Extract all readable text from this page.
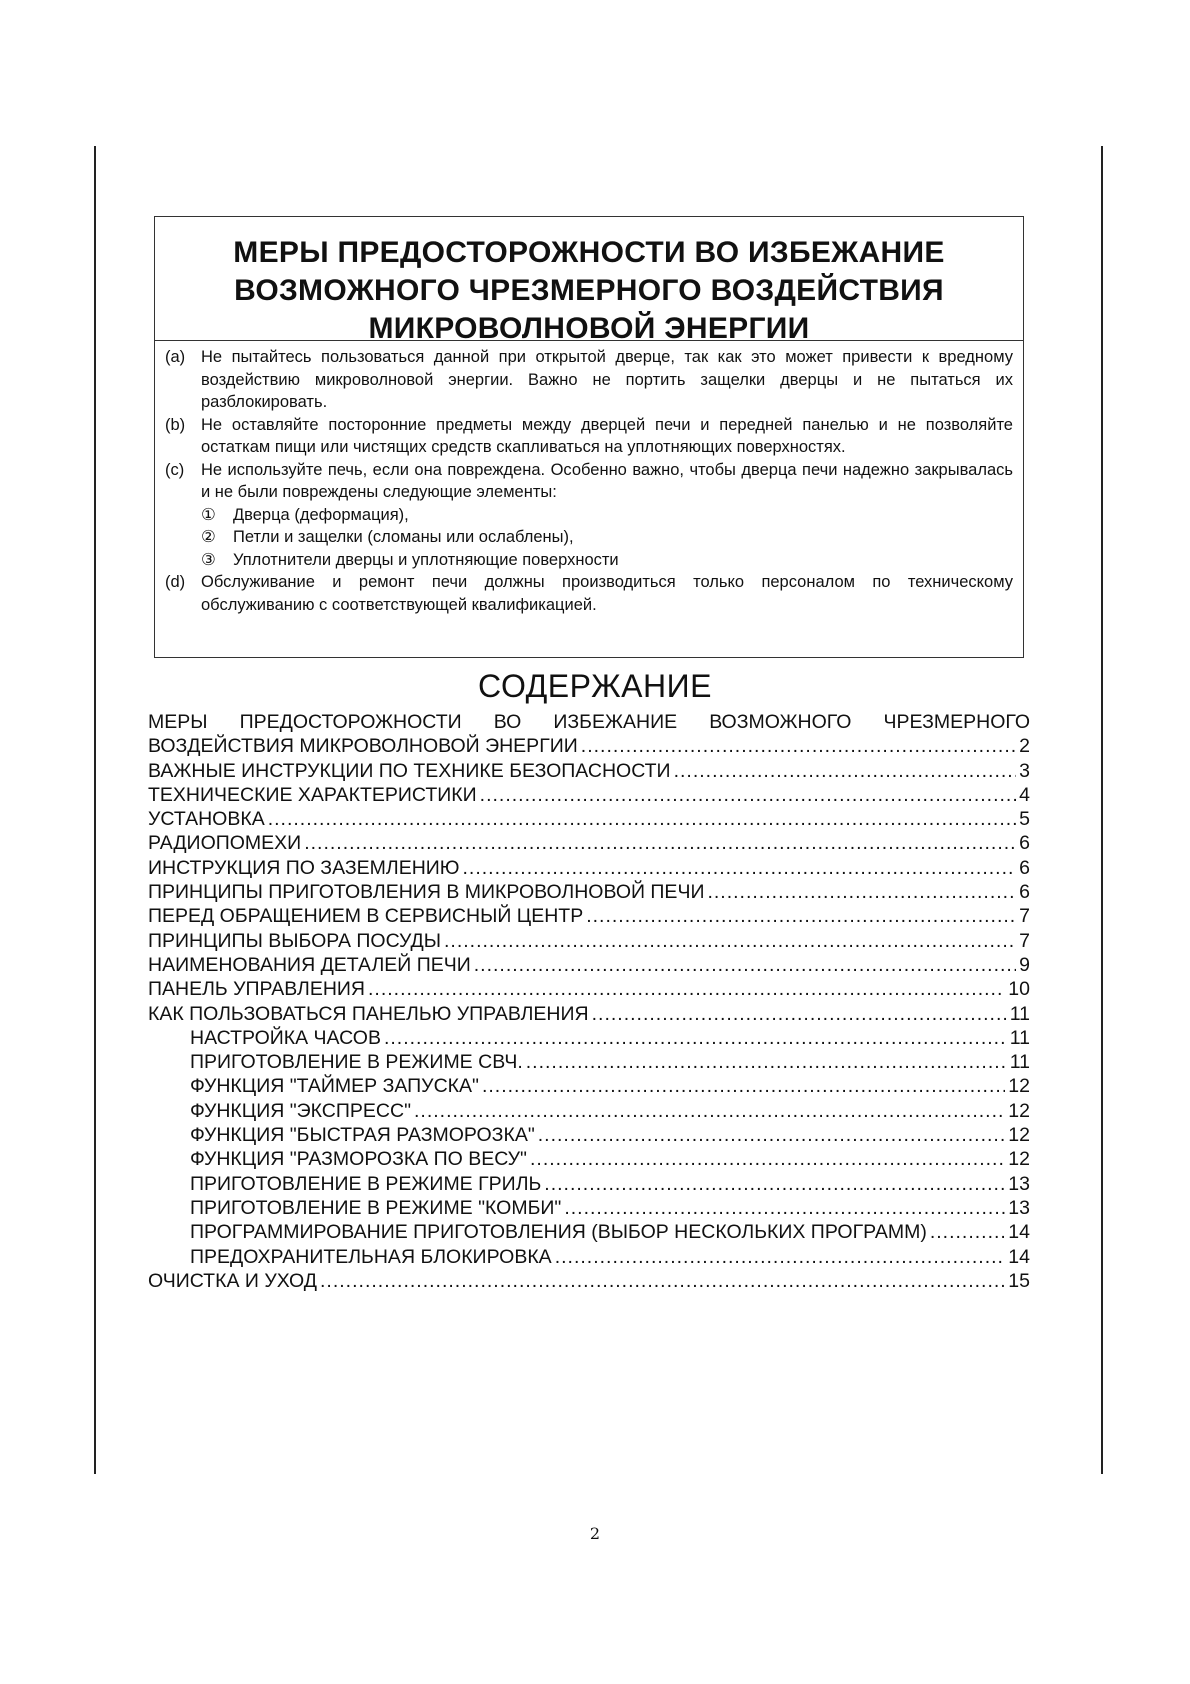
МЕРЫ ПРЕДОСТОРОЖНОСТИ ВО ИЗБЕЖАНИЕ
ВОЗМОЖНОГО ЧРЕЗМЕРНОГО ВОЗДЕЙСТВИЯ
МИКРОВОЛНОВОЙ ЭНЕРГИИ
(a) Не пытайтесь пользоваться данной при открытой дверце, так как это может привести к вредному воздействию микроволновой энергии. Важно не портить защелки дверцы и не пытаться их разблокировать.
(b) Не оставляйте посторонние предметы между дверцей печи и передней панелью и не позволяйте остаткам пищи или чистящих средств скапливаться на уплотняющих поверхностях.
(c)	Не используйте печь, если она повреждена. Особенно важно, чтобы дверца печи надежно закрывалась и не были повреждены следующие элементы:
①	Дверца (деформация),
②	Петли и защелки (сломаны или ослаблены),
③	Уплотнители дверцы и уплотняющие поверхности
(d) Обслуживание и ремонт печи должны производиться только персоналом по техническому обслуживанию с соответствующей квалификацией.
СОДЕРЖАНИЕ
МЕРЫ ПРЕДОСТОРОЖНОСТИ ВО ИЗБЕЖАНИЕ ВОЗМОЖНОГО ЧРЕЗМЕРНОГО
ВОЗДЕЙСТВИЯ МИКРОВОЛНОВОЙ ЭНЕРГИИ .....	2
ВАЖНЫЕ ИНСТРУКЦИИ ПО ТЕХНИКЕ БЕЗОПАСНОСТИ .....	3
ТЕХНИЧЕСКИЕ ХАРАКТЕРИСТИКИ .....	4
УСТАНОВКА .....	5
РАДИОПОМЕХИ .....	6
ИНСТРУКЦИЯ ПО ЗАЗЕМЛЕНИЮ .....	6
ПРИНЦИПЫ ПРИГОТОВЛЕНИЯ В МИКРОВОЛНОВОЙ ПЕЧИ .....	6
ПЕРЕД ОБРАЩЕНИЕМ В СЕРВИСНЫЙ ЦЕНТР .....	7
ПРИНЦИПЫ ВЫБОРА ПОСУДЫ .....	7
НАИМЕНОВАНИЯ ДЕТАЛЕЙ ПЕЧИ .....	9
ПАНЕЛЬ УПРАВЛЕНИЯ .....	10
КАК ПОЛЬЗОВАТЬСЯ ПАНЕЛЬЮ УПРАВЛЕНИЯ .....	11
НАСТРОЙКА ЧАСОВ .....	11
ПРИГОТОВЛЕНИЕ В РЕЖИМЕ СВЧ. .....	11
ФУНКЦИЯ "ТАЙМЕР ЗАПУСКА" .....	12
ФУНКЦИЯ "ЭКСПРЕСС" .....	12
ФУНКЦИЯ "БЫСТРАЯ РАЗМОРОЗКА" .....	12
ФУНКЦИЯ "РАЗМОРОЗКА ПО ВЕСУ" .....	12
ПРИГОТОВЛЕНИЕ В РЕЖИМЕ ГРИЛЬ .....	13
ПРИГОТОВЛЕНИЕ В РЕЖИМЕ "КОМБИ" .....	13
ПРОГРАММИРОВАНИЕ ПРИГОТОВЛЕНИЯ (ВЫБОР НЕСКОЛЬКИХ ПРОГРАММ) .....	14
ПРЕДОХРАНИТЕЛЬНАЯ БЛОКИРОВКА .....	14
ОЧИСТКА И УХОД .....	15
2
